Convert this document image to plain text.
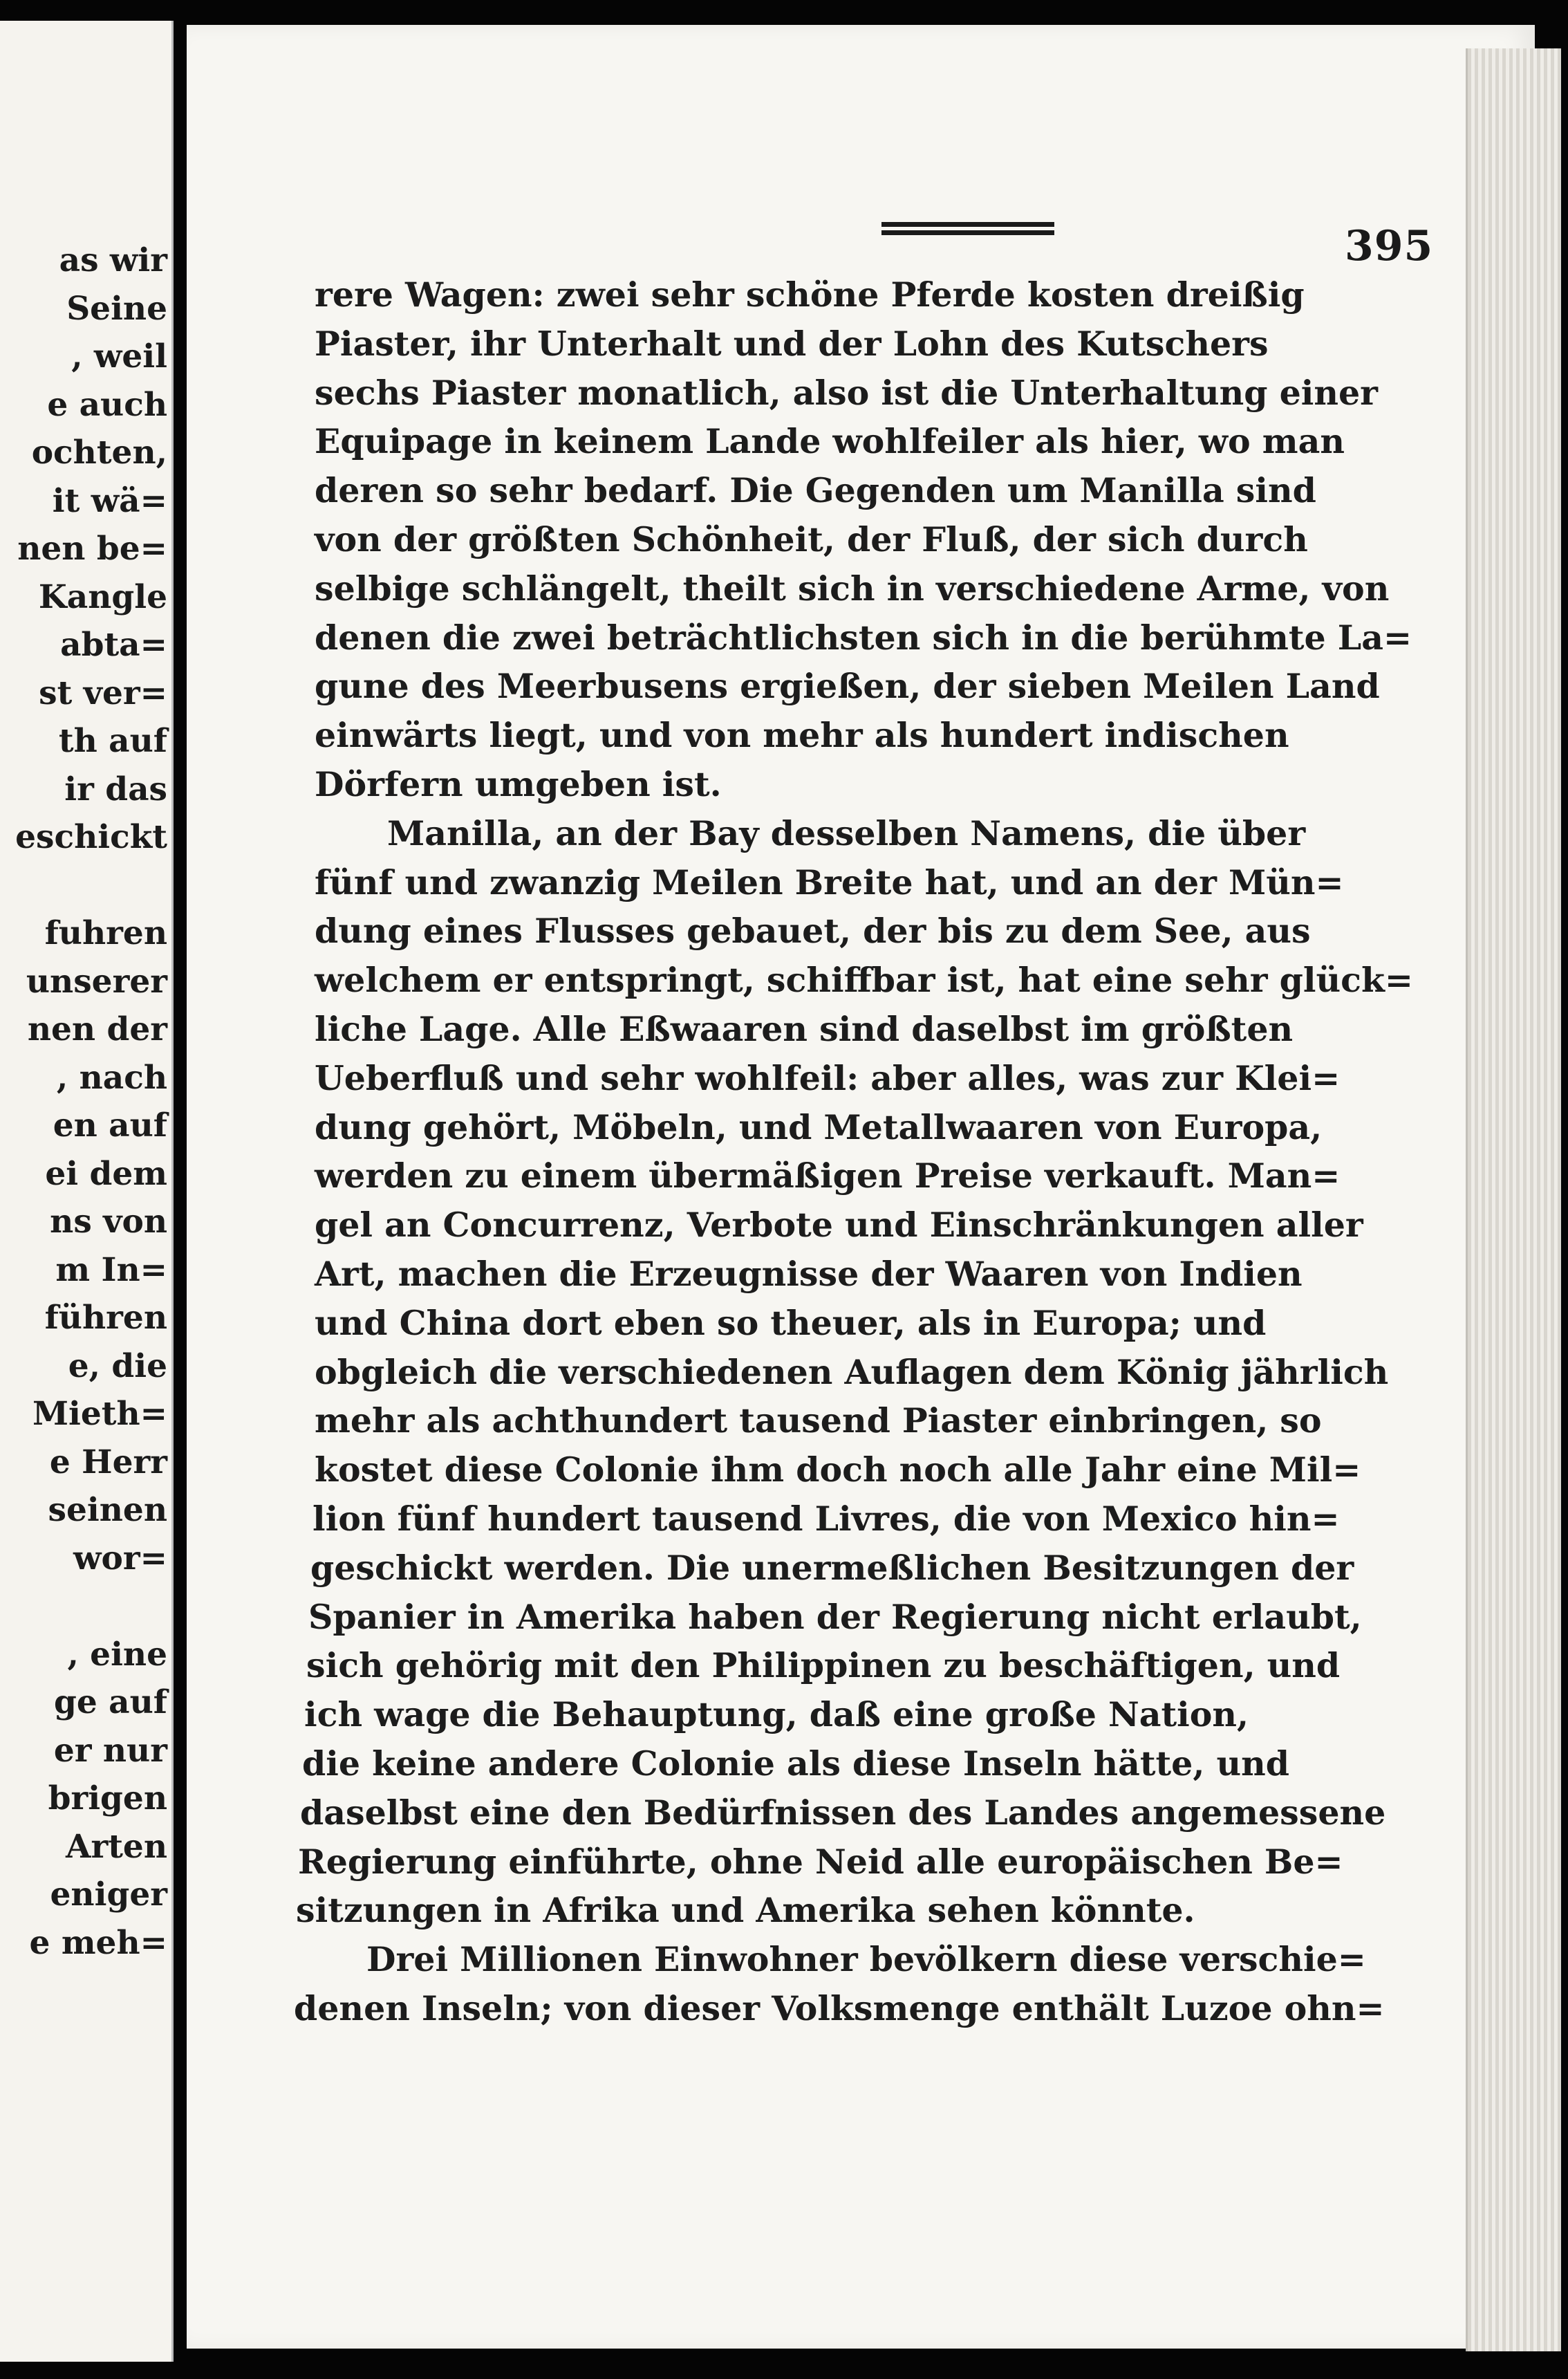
as wir
Seine
, weil
e auch
ochten,
it wä=
nen be=
Kangle
abta=
st ver=
th auf
ir das
eschickt
fuhren
unserer
nen der
, nach
en auf
ei dem
ns von
m In=
führen
e, die
Mieth=
e Herr
seinen
wor=
, eine
ge auf
er nur
brigen
Arten
eniger
e meh=
395
rere Wagen: zwei sehr schöne Pferde kosten dreißig
Piaster, ihr Unterhalt und der Lohn des Kutschers
sechs Piaster monatlich, also ist die Unterhaltung einer
Equipage in keinem Lande wohlfeiler als hier, wo man
deren so sehr bedarf. Die Gegenden um Manilla sind
von der größten Schönheit, der Fluß, der sich durch
selbige schlängelt, theilt sich in verschiedene Arme, von
denen die zwei beträchtlichsten sich in die berühmte La=
gune des Meerbusens ergießen, der sieben Meilen Land
einwärts liegt, und von mehr als hundert indischen
Dörfern umgeben ist.
Manilla, an der Bay desselben Namens, die über
fünf und zwanzig Meilen Breite hat, und an der Mün=
dung eines Flusses gebauet, der bis zu dem See, aus
welchem er entspringt, schiffbar ist, hat eine sehr glück=
liche Lage. Alle Eßwaaren sind daselbst im größten
Ueberfluß und sehr wohlfeil: aber alles, was zur Klei=
dung gehört, Möbeln, und Metallwaaren von Europa,
werden zu einem übermäßigen Preise verkauft. Man=
gel an Concurrenz, Verbote und Einschränkungen aller
Art, machen die Erzeugnisse der Waaren von Indien
und China dort eben so theuer, als in Europa; und
obgleich die verschiedenen Auflagen dem König jährlich
mehr als achthundert tausend Piaster einbringen, so
kostet diese Colonie ihm doch noch alle Jahr eine Mil=
lion fünf hundert tausend Livres, die von Mexico hin=
geschickt werden. Die unermeßlichen Besitzungen der
Spanier in Amerika haben der Regierung nicht erlaubt,
sich gehörig mit den Philippinen zu beschäftigen, und
ich wage die Behauptung, daß eine große Nation,
die keine andere Colonie als diese Inseln hätte, und
daselbst eine den Bedürfnissen des Landes angemessene
Regierung einführte, ohne Neid alle europäischen Be=
sitzungen in Afrika und Amerika sehen könnte.
Drei Millionen Einwohner bevölkern diese verschie=
denen Inseln; von dieser Volksmenge enthält Luzoe ohn=
